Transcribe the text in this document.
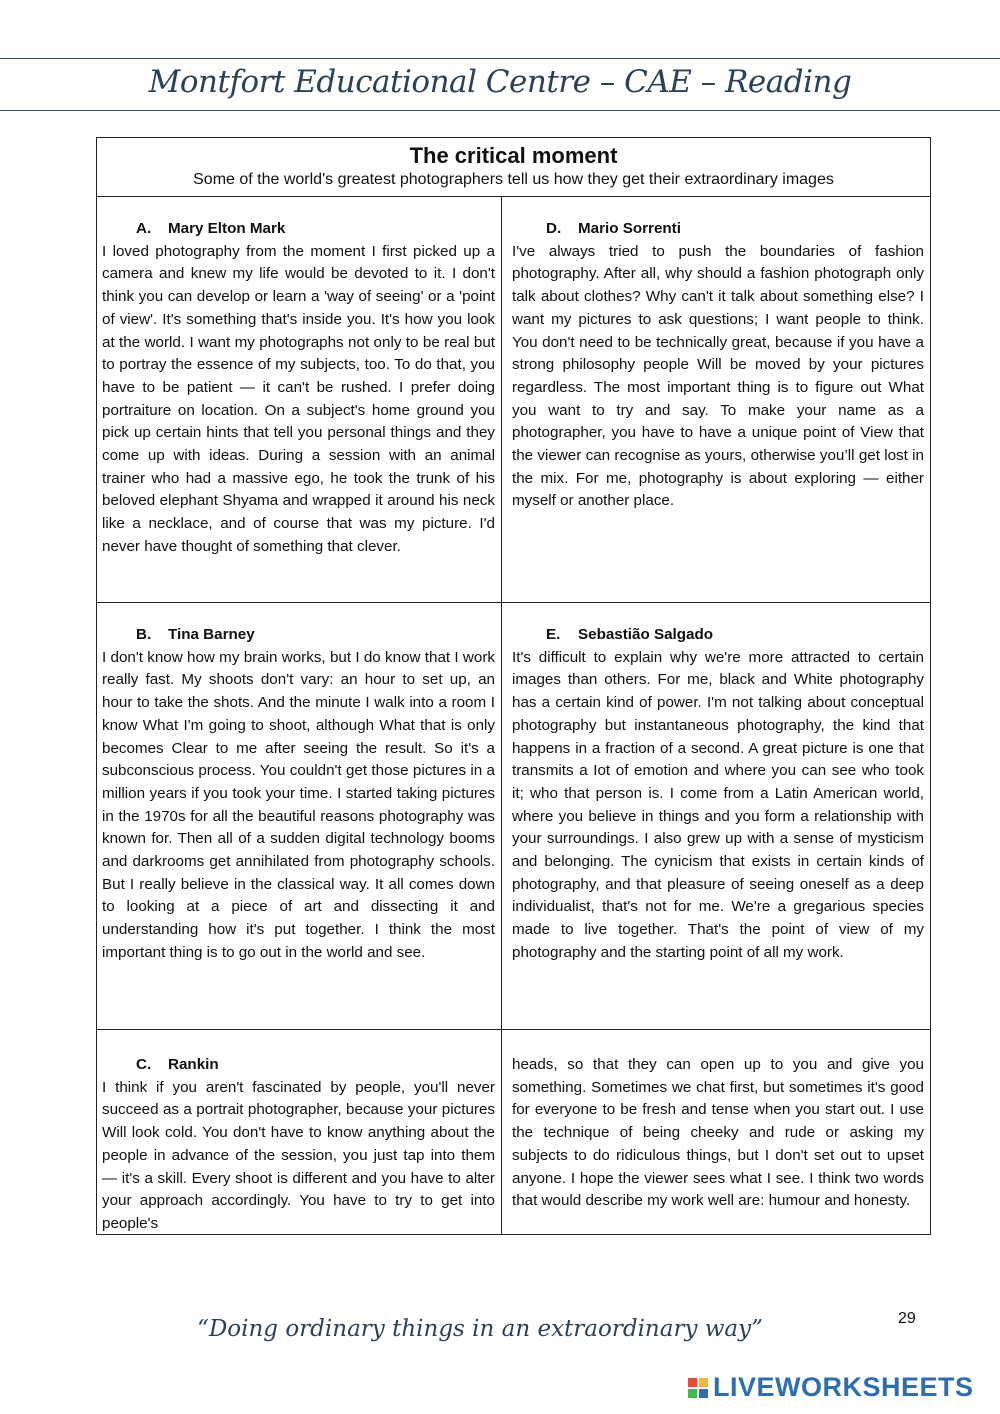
Montfort Educational Centre – CAE – Reading
The critical moment
Some of the world's greatest photographers tell us how they get their extraordinary images
A. Mary Elton Mark
I loved photography from the moment I first picked up a camera and knew my life would be devoted to it. I don't think you can develop or learn a 'way of seeing' or a 'point of view'. It's something that's inside you. It's how you look at the world. I want my photographs not only to be real but to portray the essence of my subjects, too. To do that, you have to be patient — it can't be rushed. I prefer doing portraiture on location. On a subject's home ground you pick up certain hints that tell you personal things and they come up with ideas. During a session with an animal trainer who had a massive ego, he took the trunk of his beloved elephant Shyama and wrapped it around his neck like a necklace, and of course that was my picture. I'd never have thought of something that clever.
D. Mario Sorrenti
I've always tried to push the boundaries of fashion photography. After all, why should a fashion photograph only talk about clothes? Why can't it talk about something else? I want my pictures to ask questions; I want people to think. You don't need to be technically great, because if you have a strong philosophy people Will be moved by your pictures regardless. The most important thing is to figure out What you want to try and say. To make your name as a photographer, you have to have a unique point of View that the viewer can recognise as yours, otherwise you’ll get lost in the mix. For me, photography is about exploring — either myself or another place.
B. Tina Barney
I don't know how my brain works, but I do know that I work really fast. My shoots don't vary: an hour to set up, an hour to take the shots. And the minute I walk into a room I know What I'm going to shoot, although What that is only becomes Clear to me after seeing the result. So it's a subconscious process. You couldn't get those pictures in a million years if you took your time. I started taking pictures in the 1970s for all the beautiful reasons photography was known for. Then all of a sudden digital technology booms and darkrooms get annihilated from photography schools. But I really believe in the classical way. It all comes down to looking at a piece of art and dissecting it and understanding how it's put together. I think the most important thing is to go out in the world and see.
E. Sebastião Salgado
It's difficult to explain why we're more attracted to certain images than others. For me, black and White photography has a certain kind of power. I'm not talking about conceptual photography but instantaneous photography, the kind that happens in a fraction of a second. A great picture is one that transmits a Iot of emotion and where you can see who took it; who that person is. I come from a Latin American world, where you believe in things and you form a relationship with your surroundings. I also grew up with a sense of mysticism and belonging. The cynicism that exists in certain kinds of photography, and that pleasure of seeing oneself as a deep individualist, that's not for me. We're a gregarious species made to live together. That's the point of view of my photography and the starting point of all my work.
C. Rankin
I think if you aren't fascinated by people, you'll never succeed as a portrait photographer, because your pictures Will look cold. You don't have to know anything about the people in advance of the session, you just tap into them — it's a skill. Every shoot is different and you have to alter your approach accordingly. You have to try to get into people's
heads, so that they can open up to you and give you something. Sometimes we chat first, but sometimes it's good for everyone to be fresh and tense when you start out. I use the technique of being cheeky and rude or asking my subjects to do ridiculous things, but I don't set out to upset anyone. I hope the viewer sees what I see. I think two words that would describe my work well are: humour and honesty.
29
“Doing ordinary things in an extraordinary way”
LIVEWORKSHEETS
